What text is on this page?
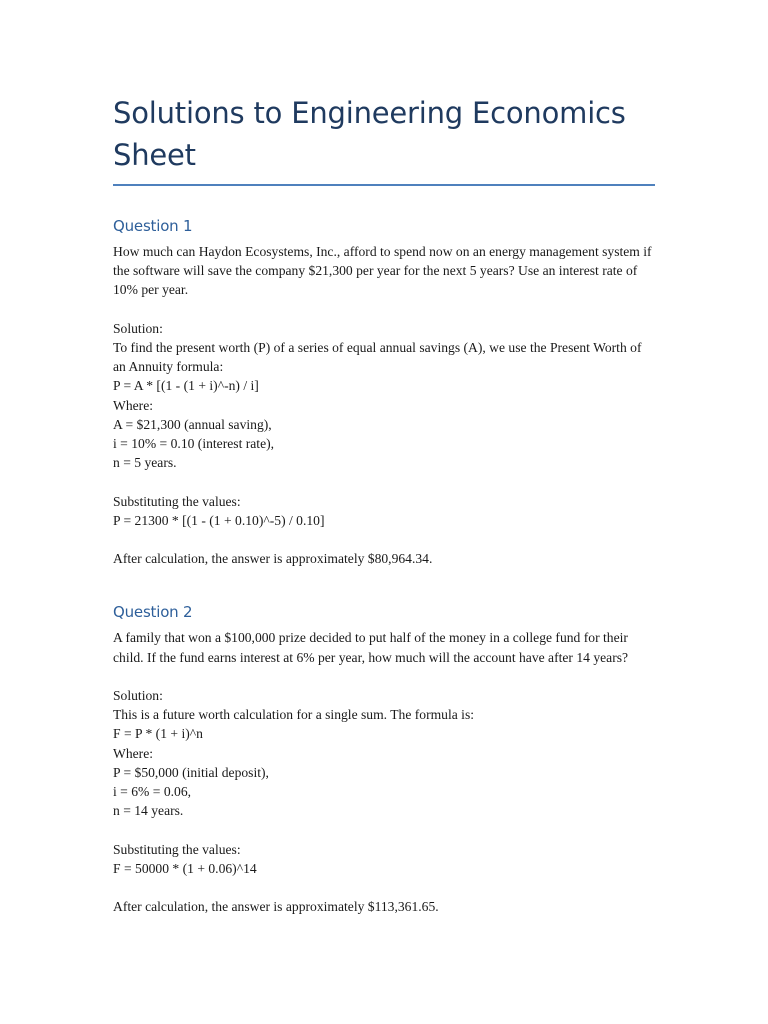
Solutions to Engineering Economics Sheet
Question 1

How much can Haydon Ecosystems, Inc., afford to spend now on an energy management system if the software will save the company $21,300 per year for the next 5 years? Use an interest rate of 10% per year.

Solution:

To find the present worth (P) of a series of equal annual savings (A), we use the Present Worth of an Annuity formula:

P = A * [(1 - (1 + i)^-n) / i]
Where:
A = $21,300 (annual saving),
i = 10% = 0.10 (interest rate),
n = 5 years.
Substituting the values:
P = 21300 * [(1 - (1 + 0.10)^-5) / 0.10]
After calculation, the answer is approximately $80,964.34.
Question 2

A family that won a $100,000 prize decided to put half of the money in a college fund for their child. If the fund earns interest at 6% per year, how much will the account have after 14 years?

Solution:

This is a future worth calculation for a single sum. The formula is:

F = P * (1 + i)^n
Where:
P = $50,000 (initial deposit),
i = 6% = 0.06,
n = 14 years.
Substituting the values:
F = 50000 * (1 + 0.06)^14
After calculation, the answer is approximately $113,361.65.
